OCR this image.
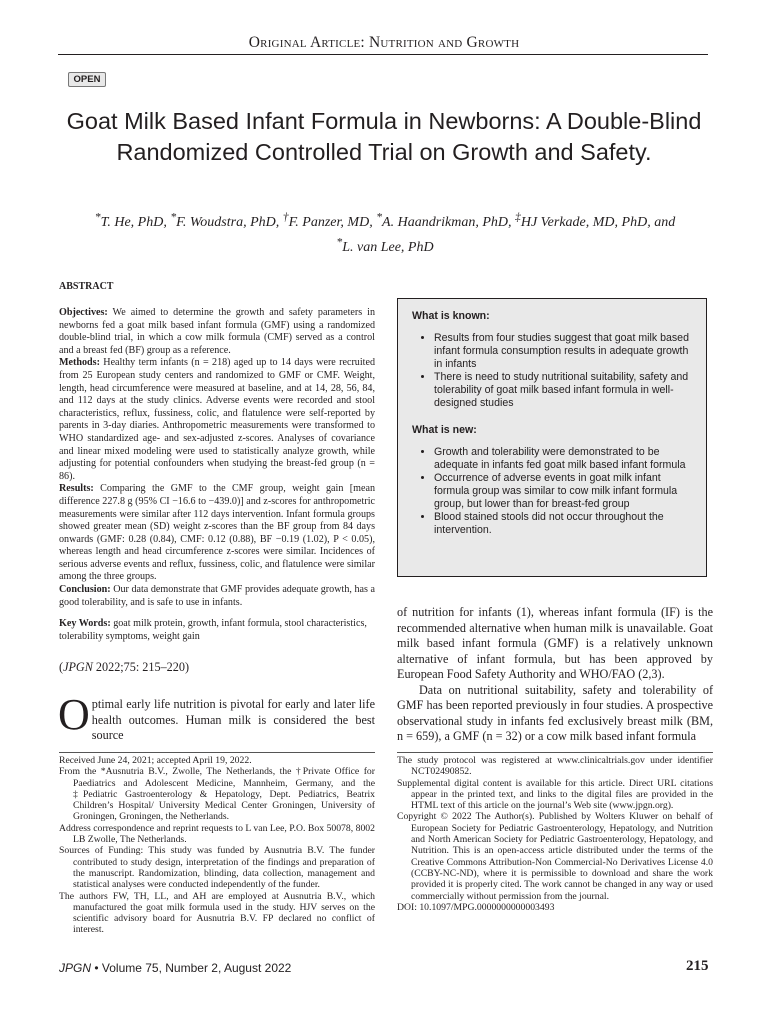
Original Article: Nutrition and Growth
OPEN
Goat Milk Based Infant Formula in Newborns: A Double-Blind Randomized Controlled Trial on Growth and Safety.
*T. He, PhD, *F. Woudstra, PhD, †F. Panzer, MD, *A. Haandrikman, PhD, ‡HJ Verkade, MD, PhD, and
*L. van Lee, PhD
ABSTRACT

Objectives: We aimed to determine the growth and safety parameters in newborns fed a goat milk based infant formula (GMF) using a randomized double-blind trial, in which a cow milk formula (CMF) served as a control and a breast fed (BF) group as a reference.

Methods: Healthy term infants (n = 218) aged up to 14 days were recruited from 25 European study centers and randomized to GMF or CMF. Weight, length, head circumference were measured at baseline, and at 14, 28, 56, 84, and 112 days at the study clinics. Adverse events were recorded and stool characteristics, reflux, fussiness, colic, and flatulence were self-reported by parents in 3-day diaries. Anthropometric measurements were transformed to WHO standardized age- and sex-adjusted z-scores. Analyses of covariance and linear mixed modeling were used to statistically analyze growth, while adjusting for potential confounders when studying the breast-fed group (n = 86).

Results: Comparing the GMF to the CMF group, weight gain [mean difference 227.8 g (95% CI −16.6 to −439.0)] and z-scores for anthropometric measurements were similar after 112 days intervention. Infant formula groups showed greater mean (SD) weight z-scores than the BF group from 84 days onwards (GMF: 0.28 (0.84), CMF: 0.12 (0.88), BF −0.19 (1.02), P < 0.05), whereas length and head circumference z-scores were similar. Incidences of serious adverse events and reflux, fussiness, colic, and flatulence were similar among the three groups.

Conclusion: Our data demonstrate that GMF provides adequate growth, has a good tolerability, and is safe to use in infants.

Key Words: goat milk protein, growth, infant formula, stool characteristics, tolerability symptoms, weight gain
(JPGN 2022;75: 215–220)
Optimal early life nutrition is pivotal for early and later life health outcomes. Human milk is considered the best source
What is known:
• Results from four studies suggest that goat milk based infant formula consumption results in adequate growth in infants
• There is need to study nutritional suitability, safety and tolerability of goat milk based infant formula in well-designed studies
What is new:
• Growth and tolerability were demonstrated to be adequate in infants fed goat milk based infant formula
• Occurrence of adverse events in goat milk infant formula group was similar to cow milk infant formula group, but lower than for breast-fed group
• Blood stained stools did not occur throughout the intervention.

of nutrition for infants (1), whereas infant formula (IF) is the recommended alternative when human milk is unavailable. Goat milk based infant formula (GMF) is a relatively unknown alternative of infant formula, but has been approved by European Food Safety Authority and WHO/FAO (2,3).

Data on nutritional suitability, safety and tolerability of GMF has been reported previously in four studies. A prospective observational study in infants fed exclusively breast milk (BM, n = 659), a GMF (n = 32) or a cow milk based infant formula

Received June 24, 2021; accepted April 19, 2022.

From the *Ausnutria B.V., Zwolle, The Netherlands, the †Private Office for Paediatrics and Adolescent Medicine, Mannheim, Germany, and the ‡Pediatric Gastroenterology & Hepatology, Dept. Pediatrics, Beatrix Children’s Hospital/ University Medical Center Groningen, University of Groningen, Groningen, the Netherlands.

Address correspondence and reprint requests to L van Lee, P.O. Box 50078, 8002 LB Zwolle, The Netherlands.

Sources of Funding: This study was funded by Ausnutria B.V. The funder contributed to study design, interpretation of the findings and preparation of the manuscript. Randomization, blinding, data collection, management and statistical analyses were conducted independently of the funder.

The authors FW, TH, LL, and AH are employed at Ausnutria B.V., which manufactured the goat milk formula used in the study. HJV serves on the scientific advisory board for Ausnutria B.V. FP declared no conflict of interest.

The study protocol was registered at www.clinicaltrials.gov under identifier NCT02490852.

Supplemental digital content is available for this article. Direct URL citations appear in the printed text, and links to the digital files are provided in the HTML text of this article on the journal’s Web site (www.jpgn.org).

Copyright © 2022 The Author(s). Published by Wolters Kluwer on behalf of European Society for Pediatric Gastroenterology, Hepatology, and Nutrition and North American Society for Pediatric Gastroenterology, Hepatology, and Nutrition. This is an open-access article distributed under the terms of the Creative Commons Attribution-Non Commercial-No Derivatives License 4.0 (CCBY-NC-ND), where it is permissible to download and share the work provided it is properly cited. The work cannot be changed in any way or used commercially without permission from the journal.

DOI: 10.1097/MPG.0000000000003493

JPGN • Volume 75, Number 2, August 2022	215
